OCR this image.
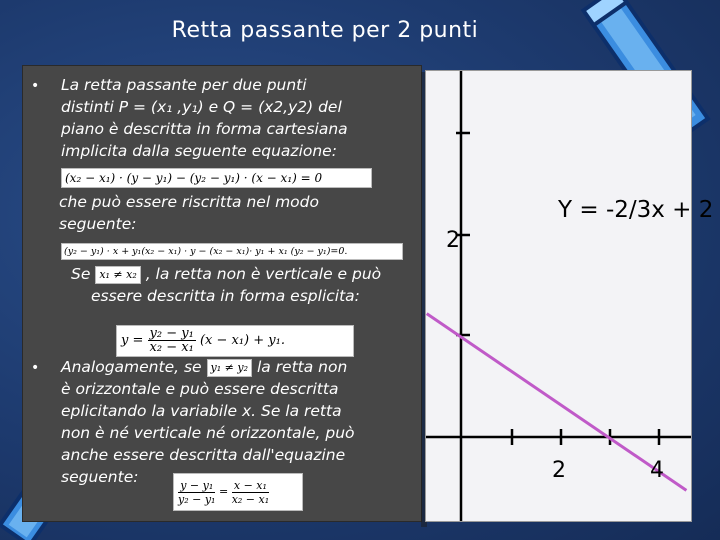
Retta passante per 2 punti
• La retta passante per due punti
distinti P = (x₁ ,y₁) e Q = (x2,y2) del
piano è descritta in forma cartesiana
implicita dalla seguente equazione:
(x₂ − x₁) · (y − y₁) − (y₂ − y₁) · (x − x₁) = 0
che può essere riscritta nel modo
seguente:
(y₂ − y₁) · x + y₁(x₂ − x₁) · y − (x₂ − x₁)· y₁ + x₁ (y₂ − y₁)=0.
Se x₁ ≠ x₂ , la retta non è verticale e può
essere descritta in forma esplicita:
$y = \frac{\text{y₂ − y₁}}{\text{x₂ − x₁}} (x - x_1) + y_1$.
• Analogamente, se y₁ ≠ y₂ la retta non
è orizzontale e può essere descritta
eplicitando la variabile x. Se la retta
non è né verticale né orizzontale, può
anche essere descritta dall'equazine
seguente:
$\frac{\text{y − y₁}}{\text{y₂ − y₁}} = \frac{\text{x − x₁}}{\text{x₂ − x₁}}$
2
2	4
Y = -2/3x + 2
